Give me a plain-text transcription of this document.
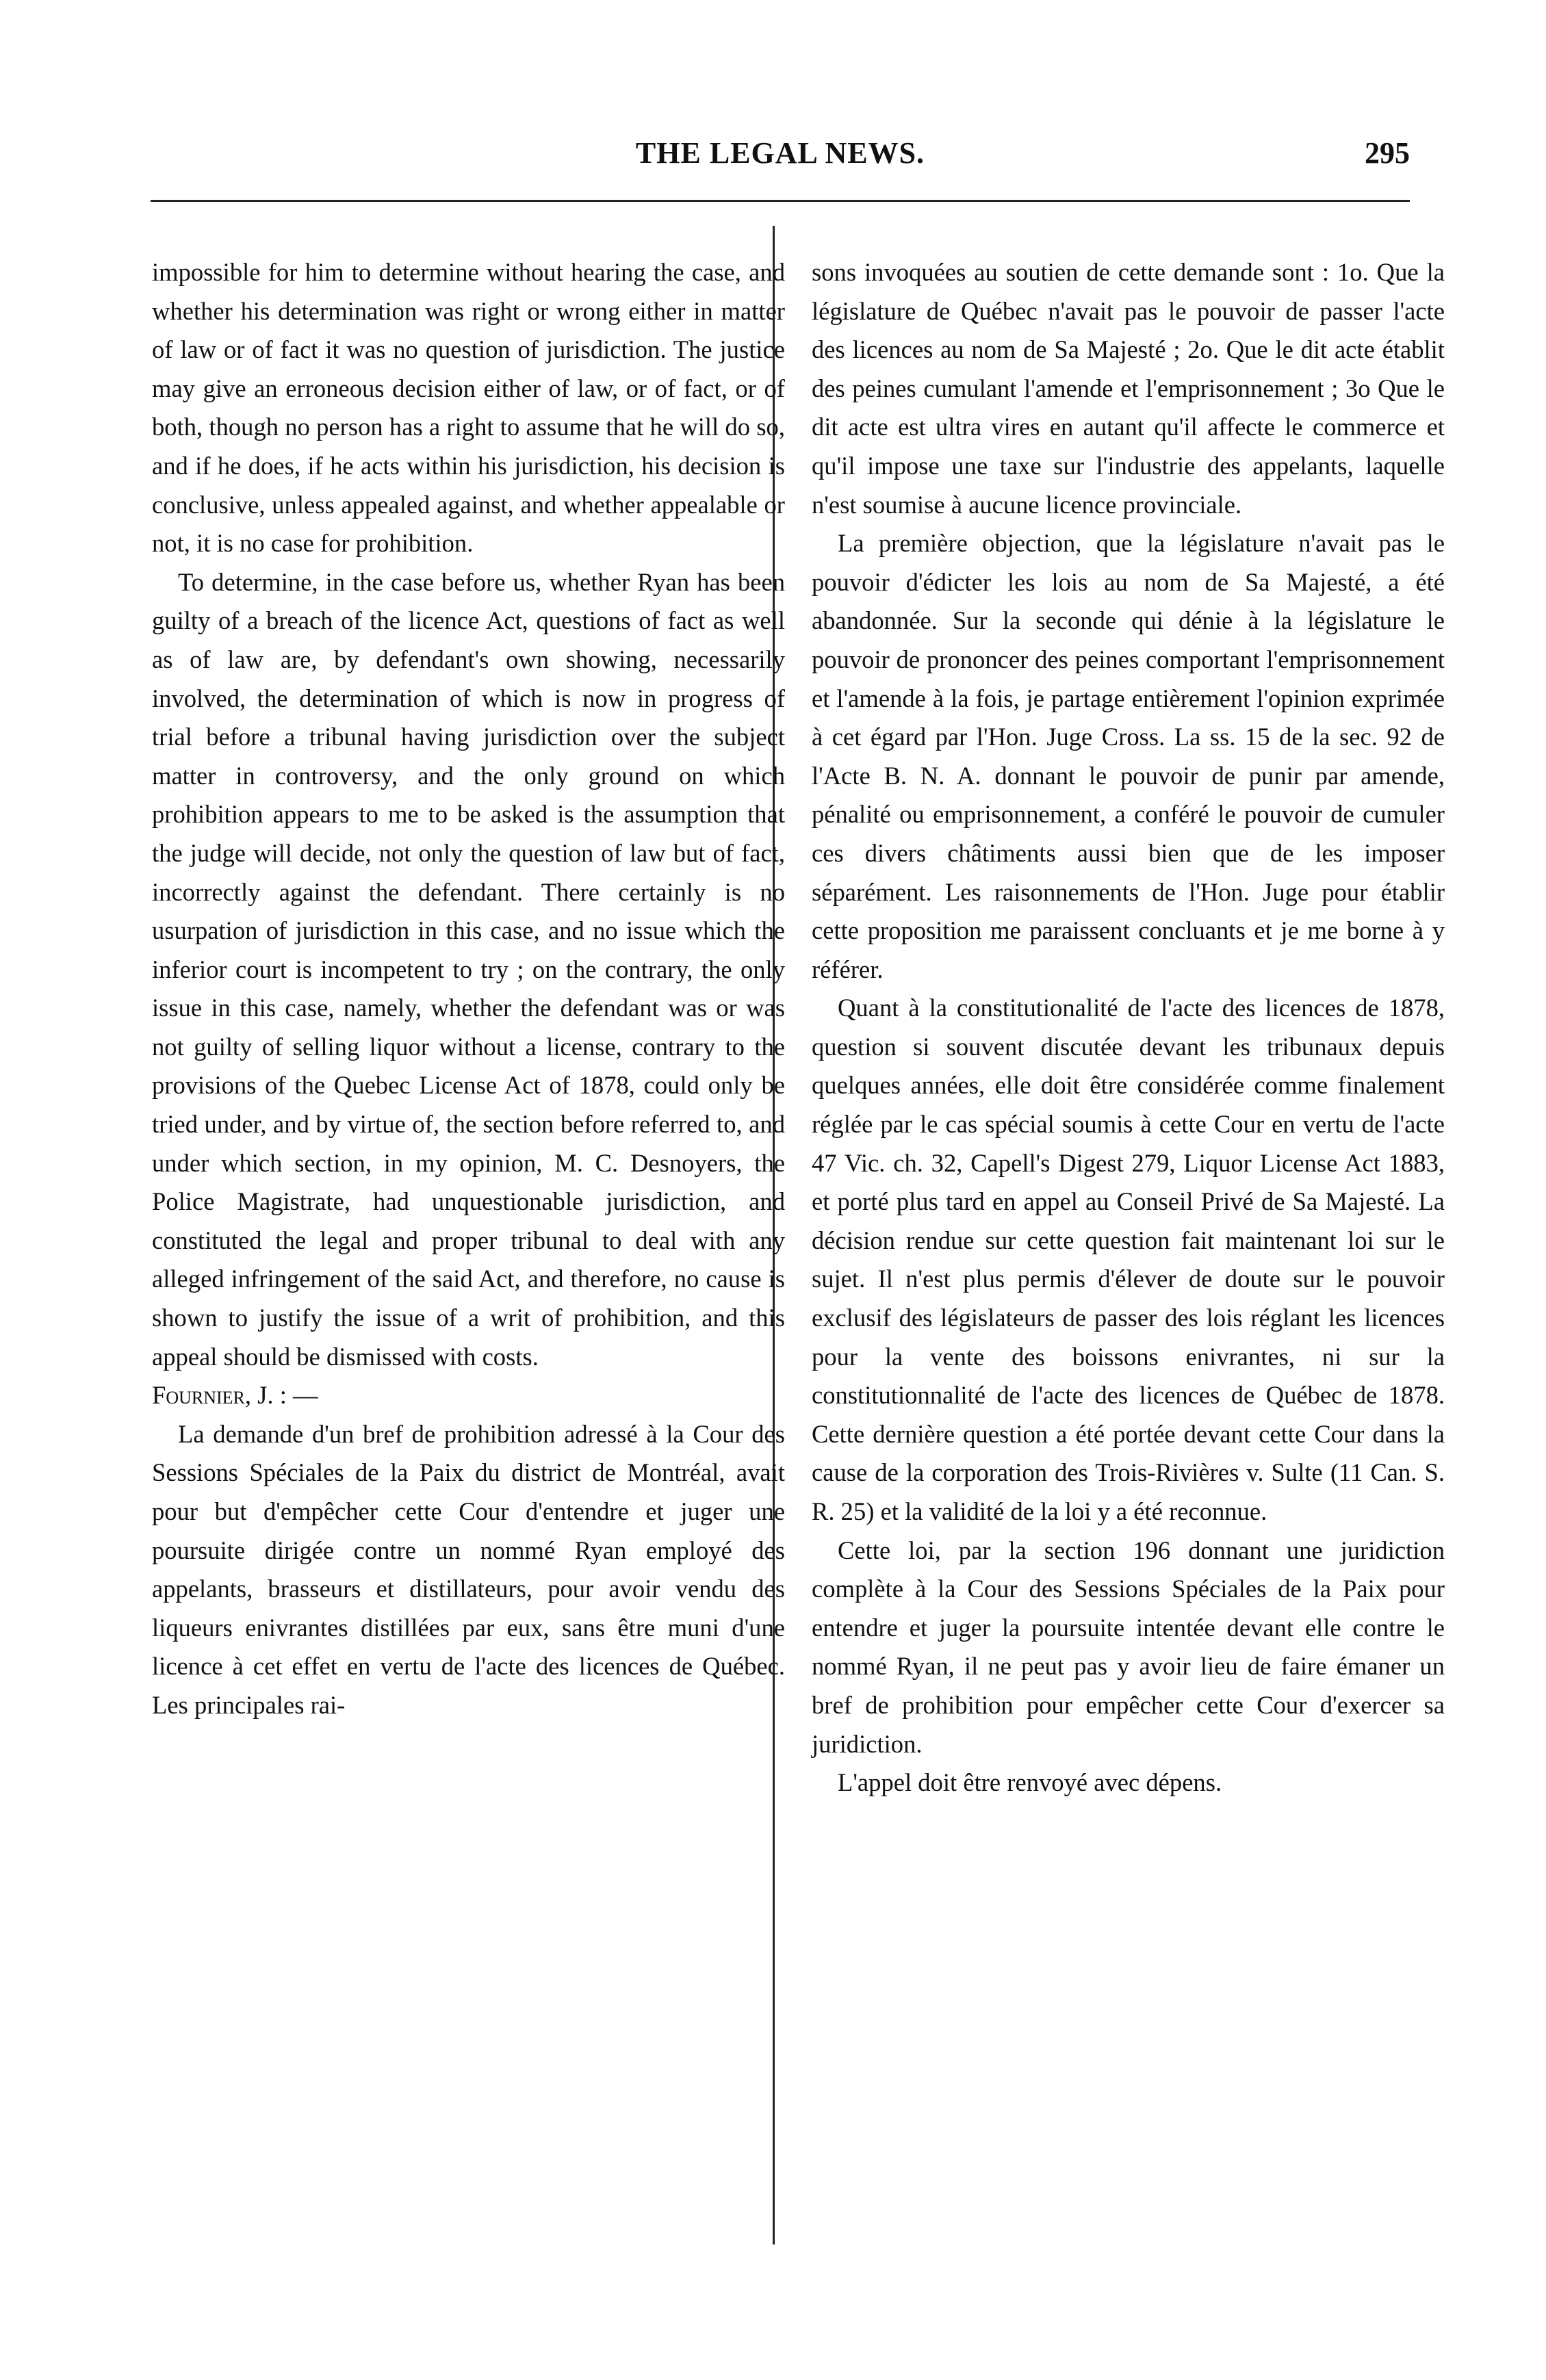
THE LEGAL NEWS.	295

impossible for him to determine without hearing the case, and whether his determination was right or wrong either in matter of law or of fact it was no question of jurisdiction. The justice may give an erroneous decision either of law, or of fact, or of both, though no person has a right to assume that he will do so, and if he does, if he acts within his jurisdiction, his decision is conclusive, unless appealed against, and whether appealable or not, it is no case for prohibition.

To determine, in the case before us, whether Ryan has been guilty of a breach of the licence Act, questions of fact as well as of law are, by defendant's own showing, necessarily involved, the determination of which is now in progress of trial before a tribunal having jurisdiction over the subject matter in controversy, and the only ground on which prohibition appears to me to be asked is the assumption that the judge will decide, not only the question of law but of fact, incorrectly against the defendant. There certainly is no usurpation of jurisdiction in this case, and no issue which the inferior court is incompetent to try ; on the contrary, the only issue in this case, namely, whether the defendant was or was not guilty of selling liquor without a license, contrary to the provisions of the Quebec License Act of 1878, could only be tried under, and by virtue of, the section before referred to, and under which section, in my opinion, M. C. Desnoyers, the Police Magistrate, had unquestionable jurisdiction, and constituted the legal and proper tribunal to deal with any alleged infringement of the said Act, and therefore, no cause is shown to justify the issue of a writ of prohibition, and this appeal should be dismissed with costs.

Fournier, J. : —

La demande d'un bref de prohibition adressé à la Cour des Sessions Spéciales de la Paix du district de Montréal, avait pour but d'empêcher cette Cour d'entendre et juger une poursuite dirigée contre un nommé Ryan employé des appelants, brasseurs et distillateurs, pour avoir vendu des liqueurs enivrantes distillées par eux, sans être muni d'une licence à cet effet en vertu de l'acte des licences de Québec. Les principales rai-

sons invoquées au soutien de cette demande sont : 1o. Que la législature de Québec n'avait pas le pouvoir de passer l'acte des licences au nom de Sa Majesté ; 2o. Que le dit acte établit des peines cumulant l'amende et l'emprisonnement ; 3o Que le dit acte est ultra vires en autant qu'il affecte le commerce et qu'il impose une taxe sur l'industrie des appelants, laquelle n'est soumise à aucune licence provinciale.

La première objection, que la législature n'avait pas le pouvoir d'édicter les lois au nom de Sa Majesté, a été abandonnée. Sur la seconde qui dénie à la législature le pouvoir de prononcer des peines comportant l'emprisonnement et l'amende à la fois, je partage entièrement l'opinion exprimée à cet égard par l'Hon. Juge Cross. La ss. 15 de la sec. 92 de l'Acte B. N. A. donnant le pouvoir de punir par amende, pénalité ou emprisonnement, a conféré le pouvoir de cumuler ces divers châtiments aussi bien que de les imposer séparément. Les raisonnements de l'Hon. Juge pour établir cette proposition me paraissent concluants et je me borne à y référer.

Quant à la constitutionalité de l'acte des licences de 1878, question si souvent discutée devant les tribunaux depuis quelques années, elle doit être considérée comme finalement réglée par le cas spécial soumis à cette Cour en vertu de l'acte 47 Vic. ch. 32, Capell's Digest 279, Liquor License Act 1883, et porté plus tard en appel au Conseil Privé de Sa Majesté. La décision rendue sur cette question fait maintenant loi sur le sujet. Il n'est plus permis d'élever de doute sur le pouvoir exclusif des législateurs de passer des lois réglant les licences pour la vente des boissons enivrantes, ni sur la constitutionnalité de l'acte des licences de Québec de 1878. Cette dernière question a été portée devant cette Cour dans la cause de la corporation des Trois-Rivières v. Sulte (11 Can. S. R. 25) et la validité de la loi y a été reconnue.

Cette loi, par la section 196 donnant une juridiction complète à la Cour des Sessions Spéciales de la Paix pour entendre et juger la poursuite intentée devant elle contre le nommé Ryan, il ne peut pas y avoir lieu de faire émaner un bref de prohibition pour empêcher cette Cour d'exercer sa juridiction.

L'appel doit être renvoyé avec dépens.
